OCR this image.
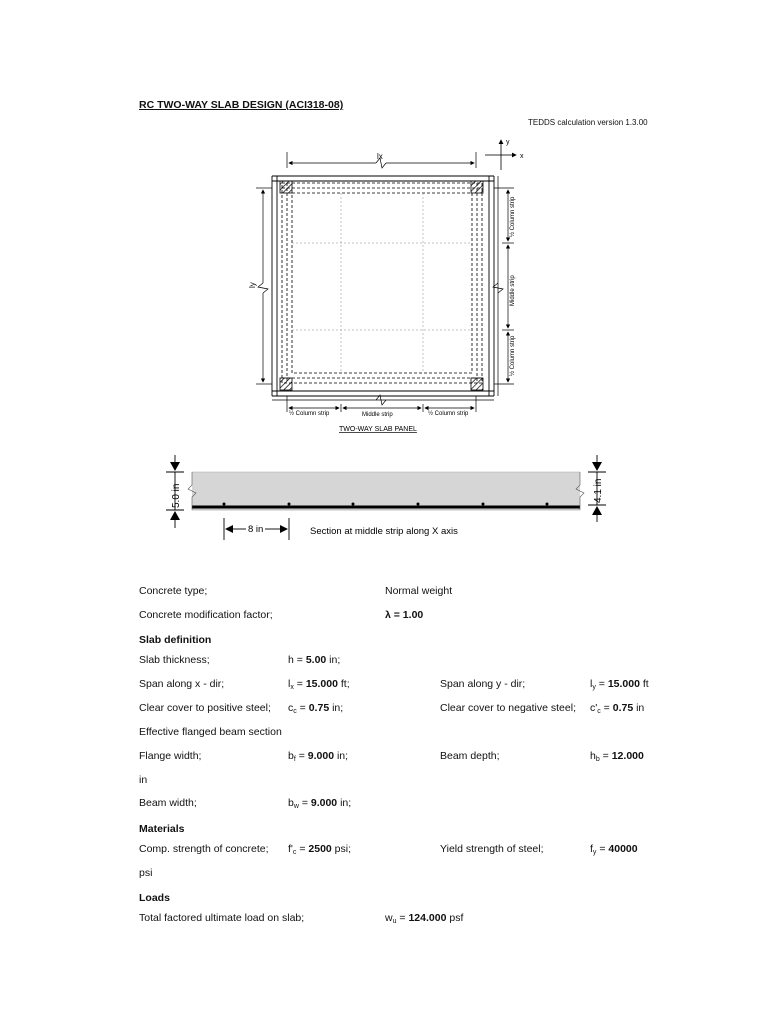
RC TWO-WAY SLAB DESIGN (ACI318-08)
TEDDS calculation version 1.3.00
y
x
lx
ly
½ Column strip	Middle strip	½ Column strip
½ Column strip
Middle strip
½ Column strip
TWO-WAY SLAB PANEL
5.0 in	4.1 in
8 in	Section at middle strip along X axis
Concrete type;	Normal weight
Concrete modification factor;	λ = 1.00
Slab definition
Slab thickness;	h = 5.00 in;
Span along x - dir;	$l_x = 15.000$ ft;	Span along y - dir;	$l_y = 15.000$ ft
Clear cover to positive steel; $c_c = 0.75$ in;	Clear cover to negative steel; $c'_c = 0.75$ in
Effective flanged beam section
Flange width;	$b_f = 9.000$ in;	Beam depth;	$h_b = 12.000$
in
Beam width;	$b_w = 9.000$ in;
Materials
Comp. strength of concrete; $f'_c = 2500$ psi;	Yield strength of steel;	$f_y = 40000$
psi
Loads
Total factored ultimate load on slab;	$w_u = 124.000$ psf
